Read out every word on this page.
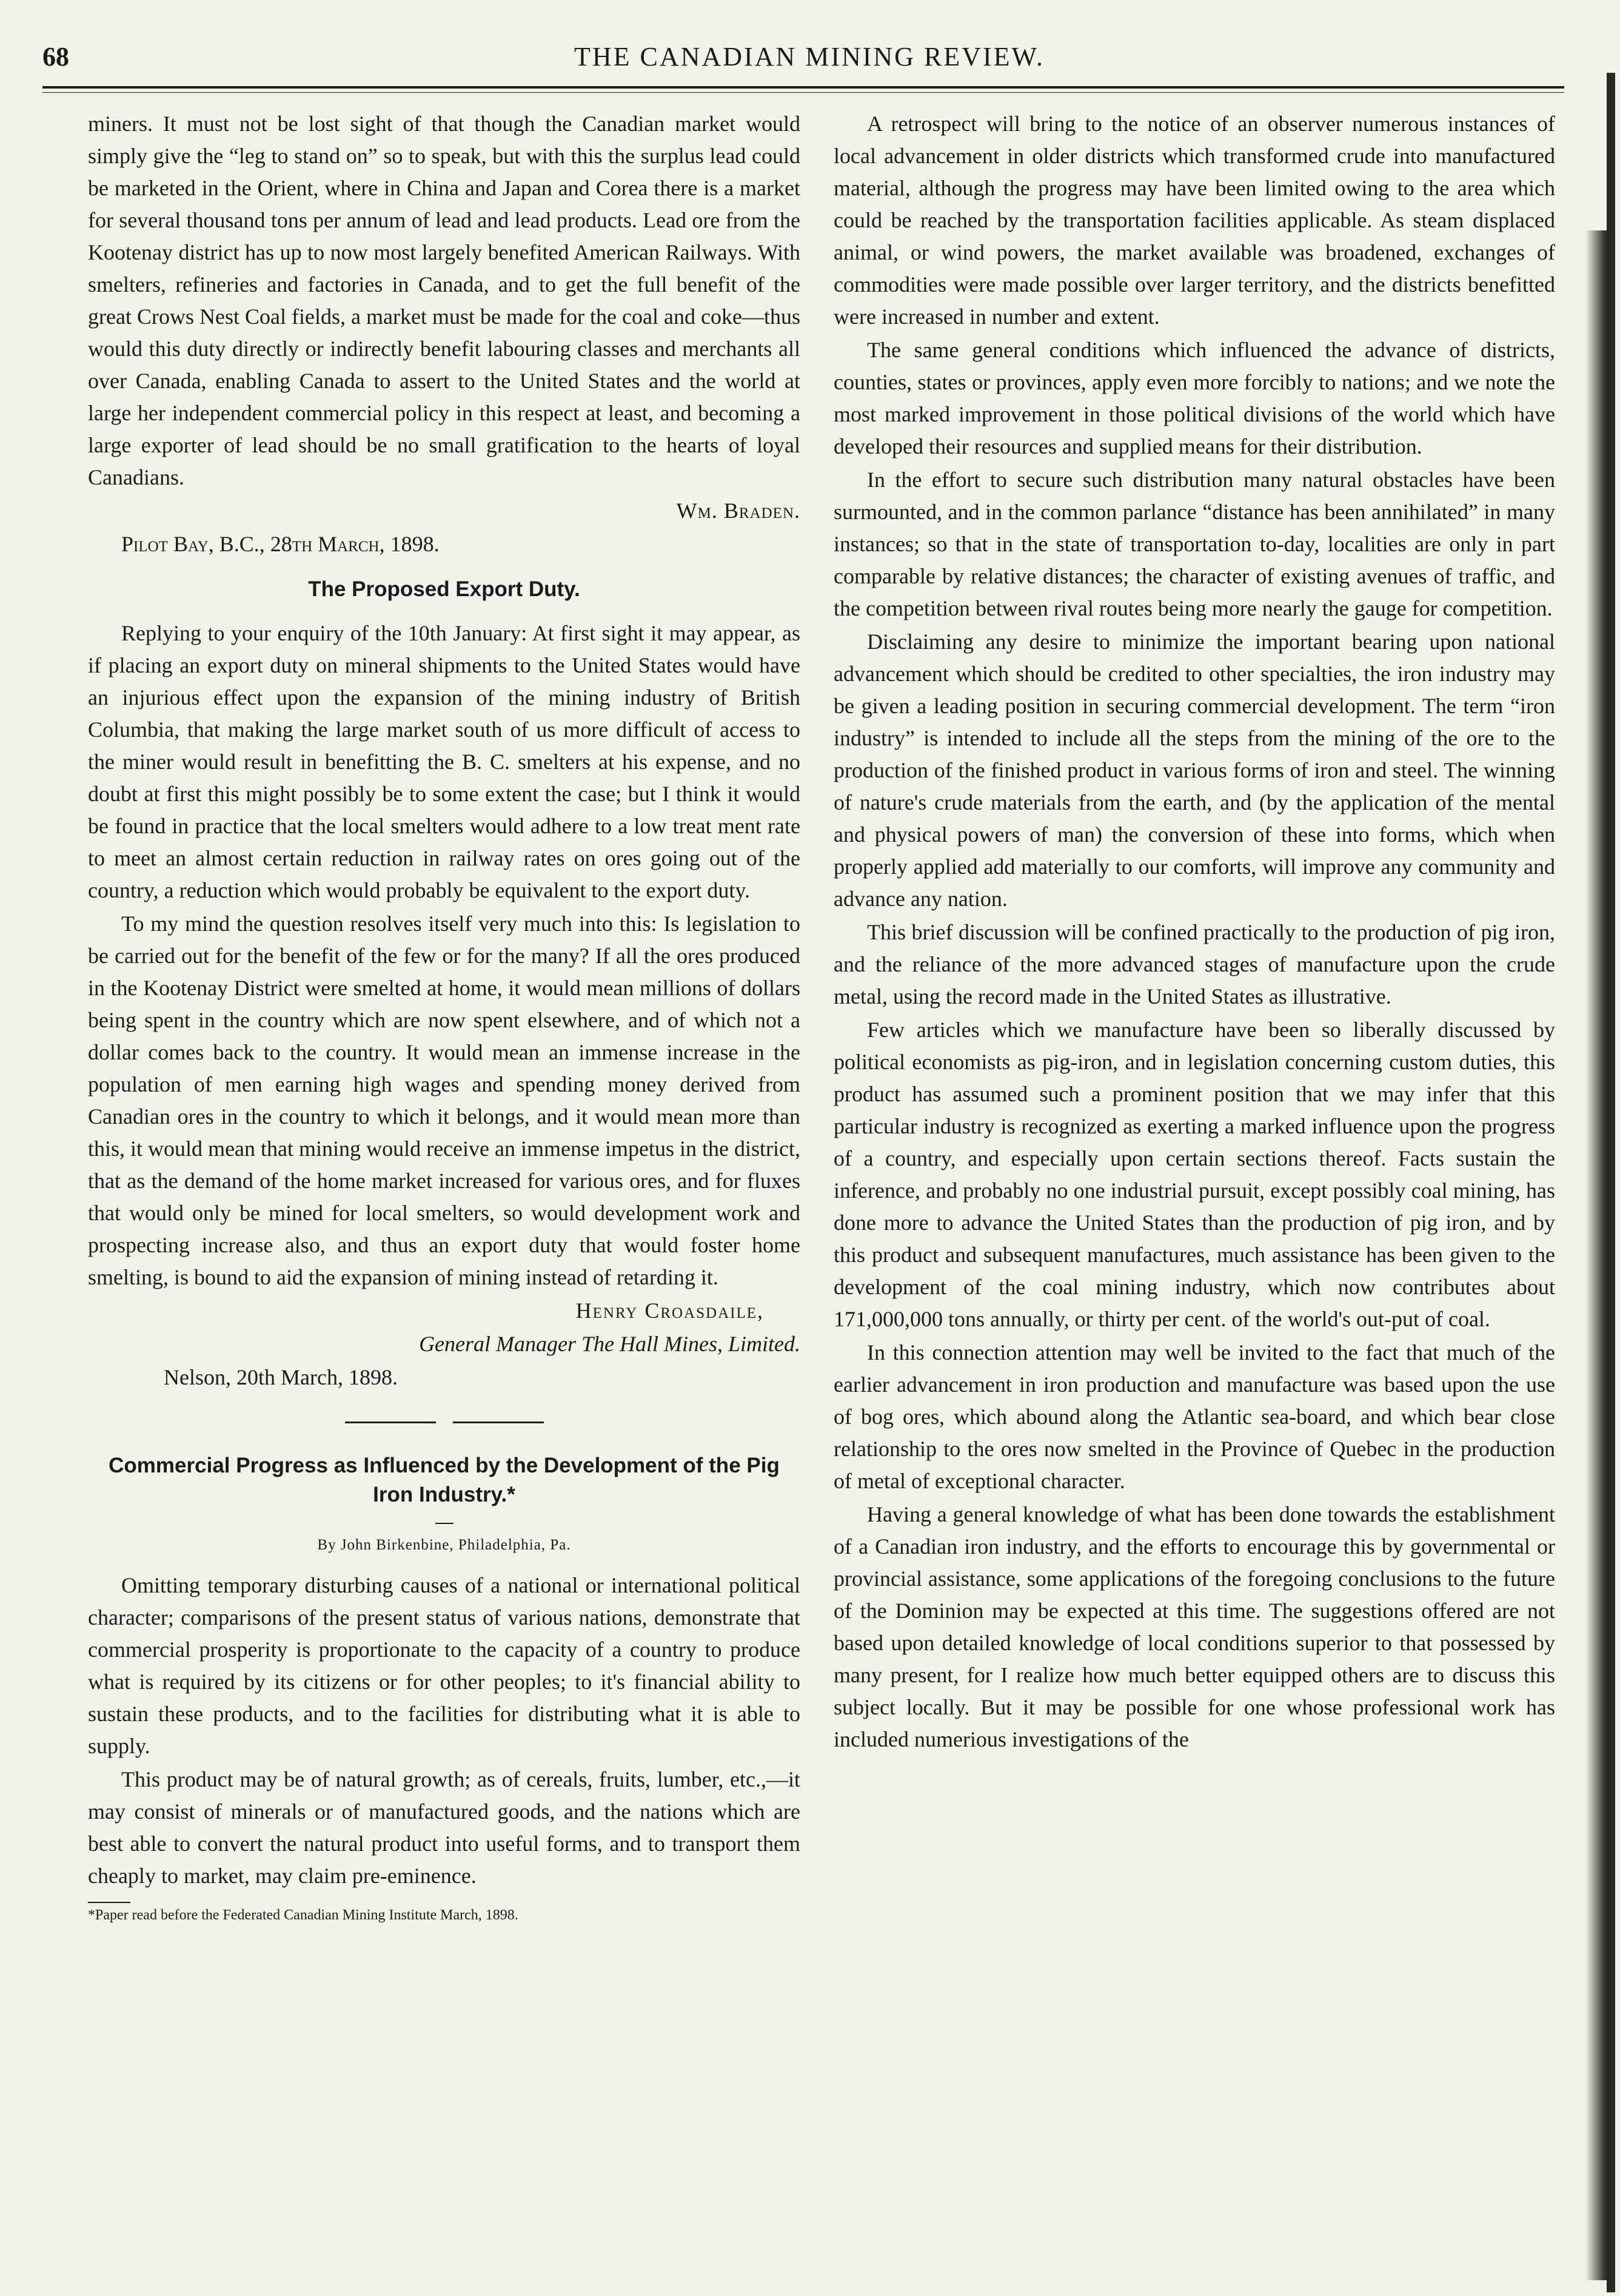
68	THE CANADIAN MINING REVIEW.

miners. It must not be lost sight of that though the Canadian market would simply give the “leg to stand on” so to speak, but with this the surplus lead could be marketed in the Orient, where in China and Japan and Corea there is a market for several thousand tons per annum of lead and lead products. Lead ore from the Kootenay district has up to now most largely benefited American Railways. With smelters, refineries and factories in Canada, and to get the full benefit of the great Crows Nest Coal fields, a market must be made for the coal and coke—thus would this duty directly or indirectly benefit labouring classes and merchants all over Canada, enabling Canada to assert to the United States and the world at large her independent commercial policy in this respect at least, and becoming a large exporter of lead should be no small gratification to the hearts of loyal Canadians.

Wm. Braden.

Pilot Bay, B.C., 28th March, 1898.

The Proposed Export Duty.

Replying to your enquiry of the 10th January: At first sight it may appear, as if placing an export duty on mineral shipments to the United States would have an injurious effect upon the expansion of the mining industry of British Columbia, that making the large market south of us more difficult of access to the miner would result in benefitting the B. C. smelters at his expense, and no doubt at first this might possibly be to some extent the case; but I think it would be found in practice that the local smelters would adhere to a low treat ment rate to meet an almost certain reduction in railway rates on ores going out of the country, a reduction which would probably be equivalent to the export duty.

To my mind the question resolves itself very much into this: Is legislation to be carried out for the benefit of the few or for the many? If all the ores produced in the Kootenay District were smelted at home, it would mean millions of dollars being spent in the country which are now spent elsewhere, and of which not a dollar comes back to the country. It would mean an immense increase in the population of men earning high wages and spending money derived from Canadian ores in the country to which it belongs, and it would mean more than this, it would mean that mining would receive an immense impetus in the district, that as the demand of the home market increased for various ores, and for fluxes that would only be mined for local smelters, so would development work and prospecting increase also, and thus an export duty that would foster home smelting, is bound to aid the expansion of mining instead of retarding it.

Henry Croasdaile,

General Manager The Hall Mines, Limited.

Nelson, 20th March, 1898.

Commercial Progress as Influenced by the Development of the Pig Iron Industry.*
By John Birkenbine, Philadelphia, Pa.

Omitting temporary disturbing causes of a national or international political character; comparisons of the present status of various nations, demonstrate that commercial prosperity is proportionate to the capacity of a country to produce what is required by its citizens or for other peoples; to it's financial ability to sustain these products, and to the facilities for distributing what it is able to supply.

This product may be of natural growth; as of cereals, fruits, lumber, etc.,—it may consist of minerals or of manufactured goods, and the nations which are best able to convert the natural product into useful forms, and to transport them cheaply to market, may claim pre-eminence.

*Paper read before the Federated Canadian Mining Institute March, 1898.

A retrospect will bring to the notice of an observer numerous instances of local advancement in older districts which transformed crude into manufactured material, although the progress may have been limited owing to the area which could be reached by the transportation facilities applicable. As steam displaced animal, or wind powers, the market available was broadened, exchanges of commodities were made possible over larger territory, and the districts benefitted were increased in number and extent.

The same general conditions which influenced the advance of districts, counties, states or provinces, apply even more forcibly to nations; and we note the most marked improvement in those political divisions of the world which have developed their resources and supplied means for their distribution.

In the effort to secure such distribution many natural obstacles have been surmounted, and in the common parlance “distance has been annihilated” in many instances; so that in the state of transportation to-day, localities are only in part comparable by relative distances; the character of existing avenues of traffic, and the competition between rival routes being more nearly the gauge for competition.

Disclaiming any desire to minimize the important bearing upon national advancement which should be credited to other specialties, the iron industry may be given a leading position in securing commercial development. The term “iron industry” is intended to include all the steps from the mining of the ore to the production of the finished product in various forms of iron and steel. The winning of nature's crude materials from the earth, and (by the application of the mental and physical powers of man) the conversion of these into forms, which when properly applied add materially to our comforts, will improve any community and advance any nation.

This brief discussion will be confined practically to the production of pig iron, and the reliance of the more advanced stages of manufacture upon the crude metal, using the record made in the United States as illustrative.

Few articles which we manufacture have been so liberally discussed by political economists as pig-iron, and in legislation concerning custom duties, this product has assumed such a prominent position that we may infer that this particular industry is recognized as exerting a marked influence upon the progress of a country, and especially upon certain sections thereof. Facts sustain the inference, and probably no one industrial pursuit, except possibly coal mining, has done more to advance the United States than the production of pig iron, and by this product and subsequent manufactures, much assistance has been given to the development of the coal mining industry, which now contributes about 171,000,000 tons annually, or thirty per cent. of the world's out-put of coal.

In this connection attention may well be invited to the fact that much of the earlier advancement in iron production and manufacture was based upon the use of bog ores, which abound along the Atlantic sea-board, and which bear close relationship to the ores now smelted in the Province of Quebec in the production of metal of exceptional character.

Having a general knowledge of what has been done towards the establishment of a Canadian iron industry, and the efforts to encourage this by governmental or provincial assistance, some applications of the foregoing conclusions to the future of the Dominion may be expected at this time. The suggestions offered are not based upon detailed knowledge of local conditions superior to that possessed by many present, for I realize how much better equipped others are to discuss this subject locally. But it may be possible for one whose professional work has included numerious investigations of the
